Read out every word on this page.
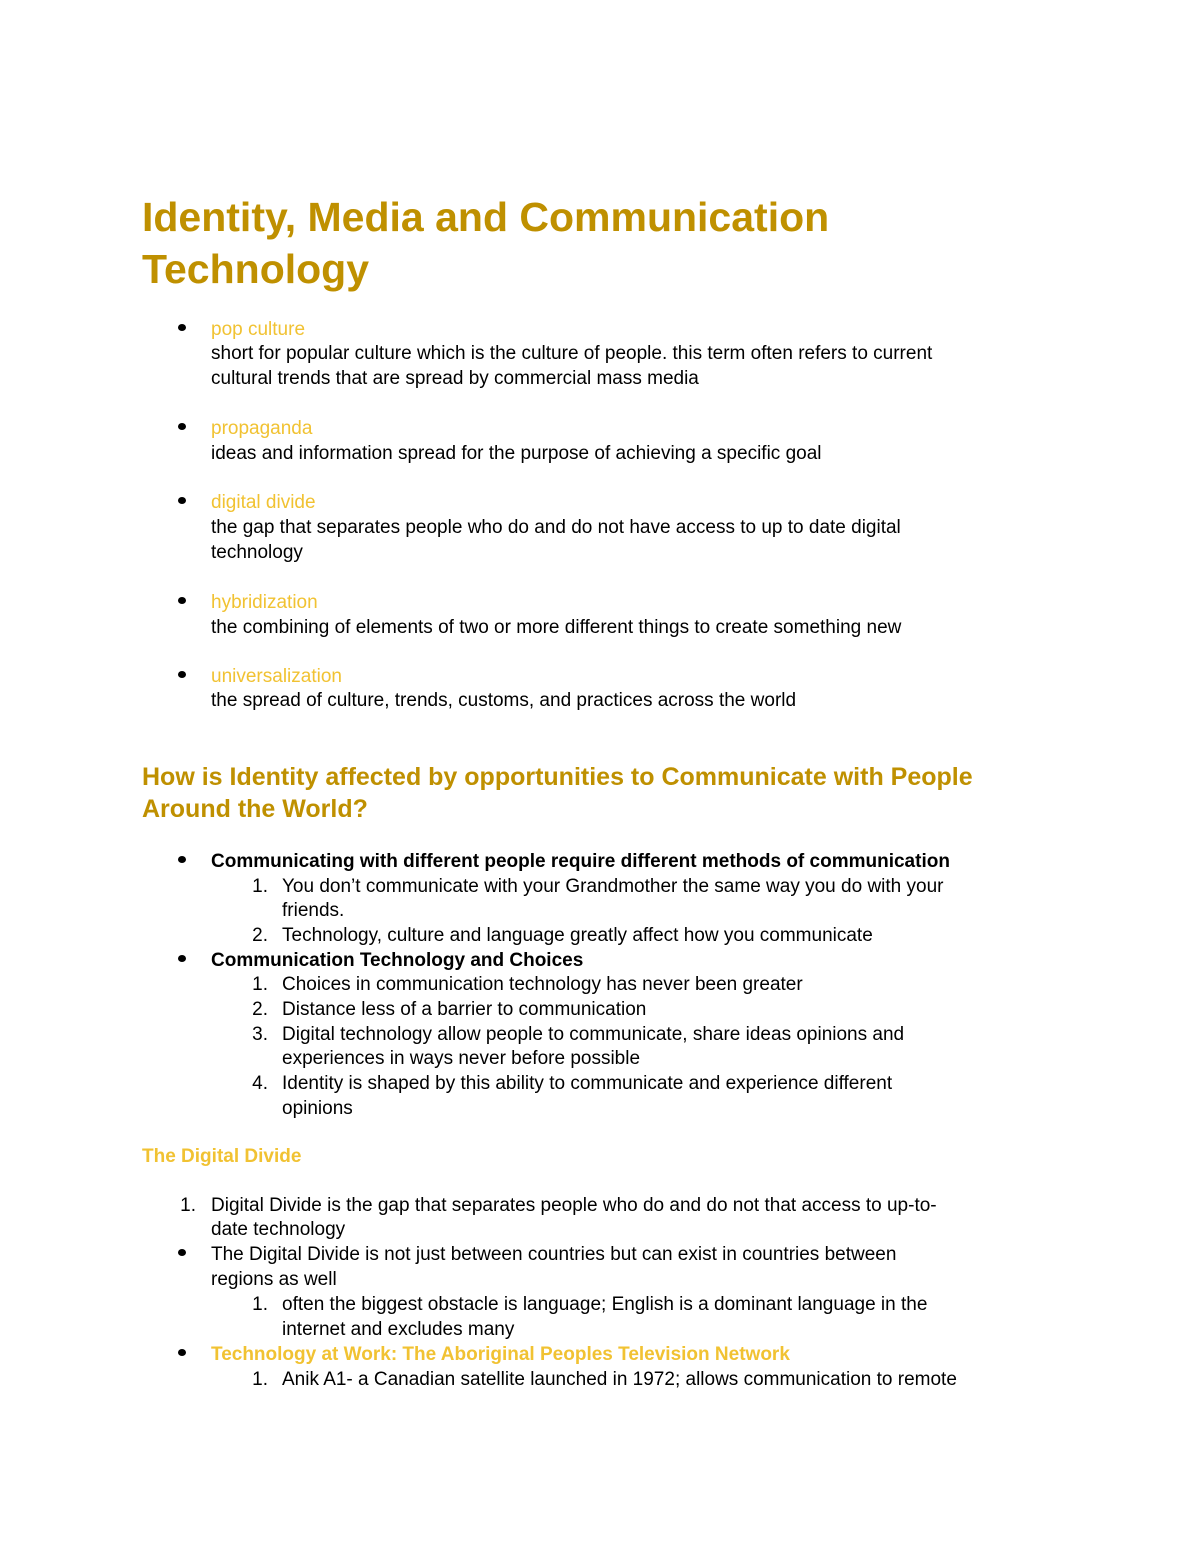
Identity, Media and Communication
Technology
pop culture
short for popular culture which is the culture of people. this term often refers to current
cultural trends that are spread by commercial mass media
propaganda
ideas and information spread for the purpose of achieving a specific goal
digital divide
the gap that separates people who do and do not have access to up to date digital
technology
hybridization
the combining of elements of two or more different things to create something new
universalization
the spread of culture, trends, customs, and practices across the world
How is Identity affected by opportunities to Communicate with People
Around the World?
Communicating with different people require different methods of communication
1. You don’t communicate with your Grandmother the same way you do with your
friends.
2. Technology, culture and language greatly affect how you communicate
Communication Technology and Choices
1. Choices in communication technology has never been greater
2. Distance less of a barrier to communication
3. Digital technology allow people to communicate, share ideas opinions and
experiences in ways never before possible
4. Identity is shaped by this ability to communicate and experience different
opinions
The Digital Divide
1. Digital Divide is the gap that separates people who do and do not that access to up-to-
date technology
The Digital Divide is not just between countries but can exist in countries between
regions as well
1. often the biggest obstacle is language; English is a dominant language in the
internet and excludes many
Technology at Work: The Aboriginal Peoples Television Network
1. Anik A1- a Canadian satellite launched in 1972; allows communication to remote
